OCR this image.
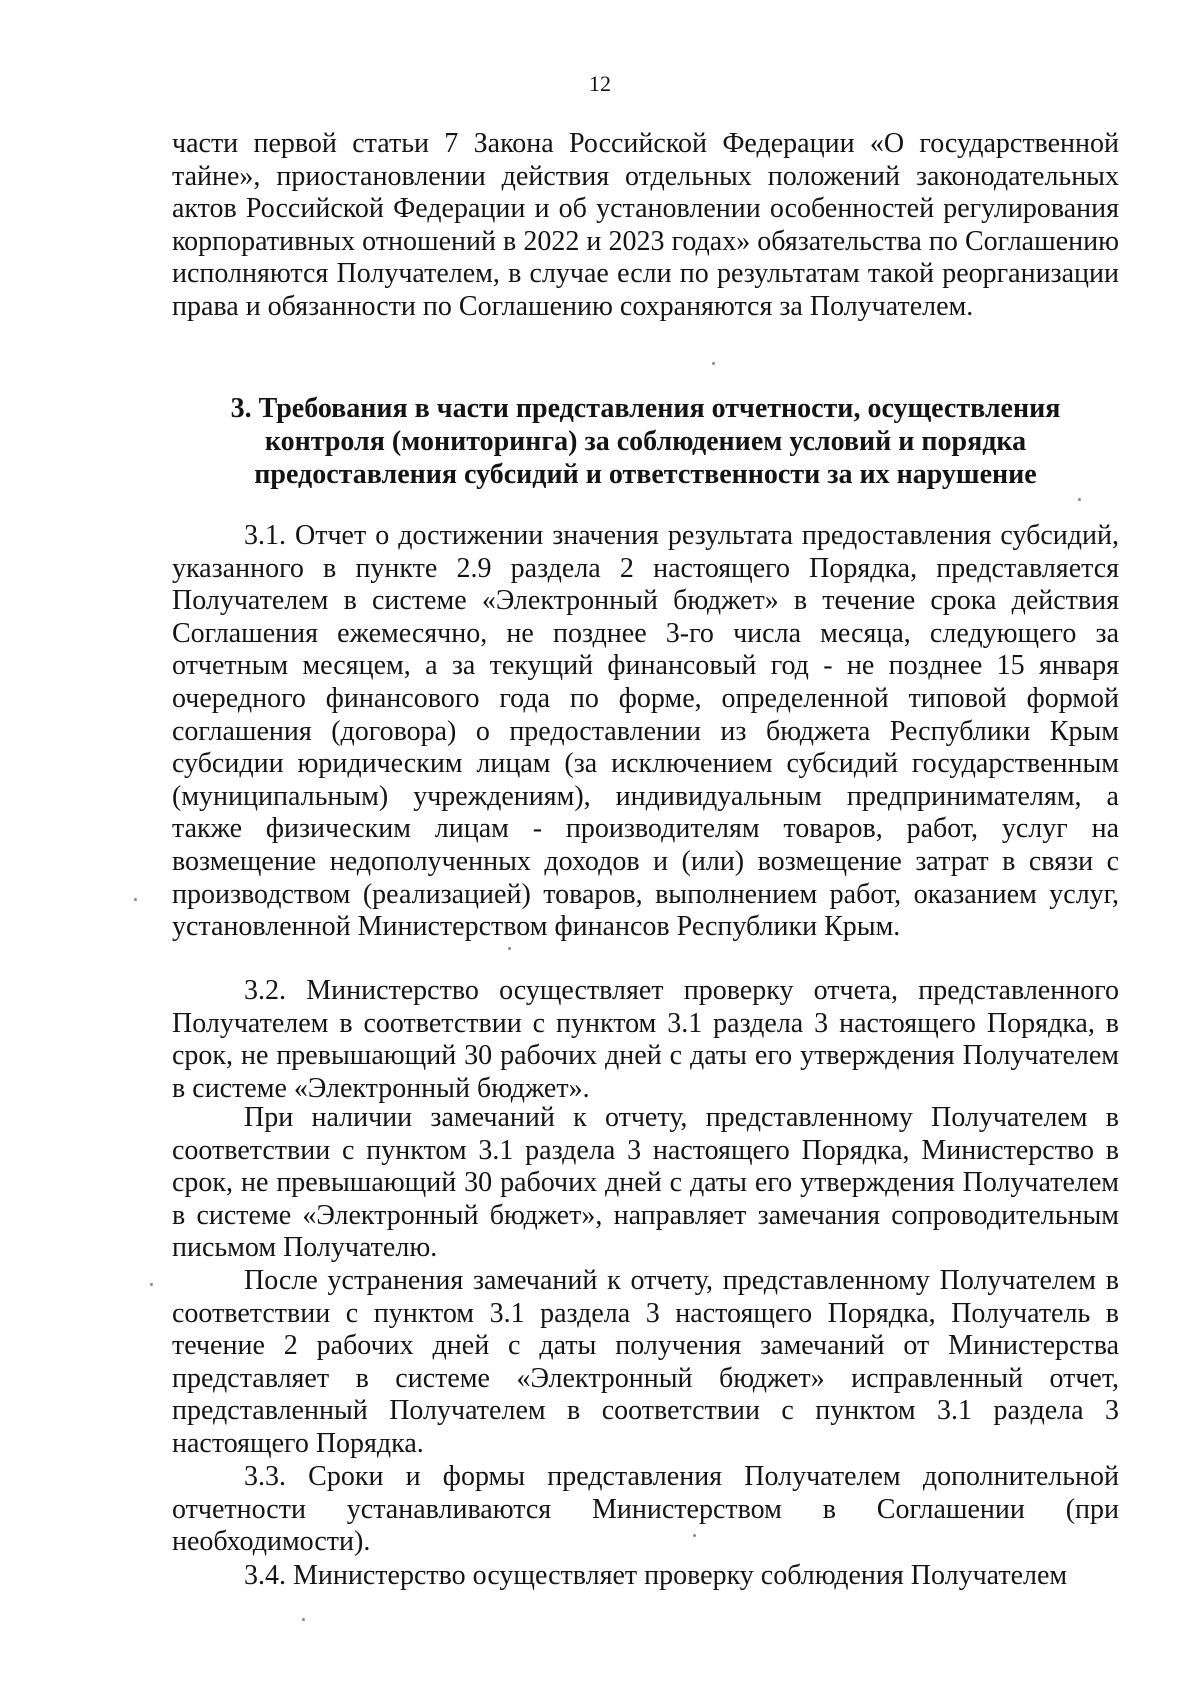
12

части первой статьи 7 Закона Российской Федерации «О государственной тайне», приостановлении действия отдельных положений законодательных актов Российской Федерации и об установлении особенностей регулирования корпоративных отношений в 2022 и 2023 годах» обязательства по Соглашению исполняются Получателем, в случае если по результатам такой реорганизации права и обязанности по Соглашению сохраняются за Получателем.

3. Требования в части представления отчетности, осуществления
контроля (мониторинга) за соблюдением условий и порядка
предоставления субсидий и ответственности за их нарушение

3.1. Отчет о достижении значения результата предоставления субсидий, указанного в пункте 2.9 раздела 2 настоящего Порядка, представляется Получателем в системе «Электронный бюджет» в течение срока действия Соглашения ежемесячно, не позднее 3-го числа месяца, следующего за отчетным месяцем, а за текущий финансовый год - не позднее 15 января очередного финансового года по форме, определенной типовой формой соглашения (договора) о предоставлении из бюджета Республики Крым субсидии юридическим лицам (за исключением субсидий государственным (муниципальным) учреждениям), индивидуальным предпринимателям, а также физическим лицам - производителям товаров, работ, услуг на возмещение недополученных доходов и (или) возмещение затрат в связи с производством (реализацией) товаров, выполнением работ, оказанием услуг, установленной Министерством финансов Республики Крым.

3.2. Министерство осуществляет проверку отчета, представленного Получателем в соответствии с пунктом 3.1 раздела 3 настоящего Порядка, в срок, не превышающий 30 рабочих дней с даты его утверждения Получателем в системе «Электронный бюджет».

При наличии замечаний к отчету, представленному Получателем в соответствии с пунктом 3.1 раздела 3 настоящего Порядка, Министерство в срок, не превышающий 30 рабочих дней с даты его утверждения Получателем в системе «Электронный бюджет», направляет замечания сопроводительным письмом Получателю.

После устранения замечаний к отчету, представленному Получателем в соответствии с пунктом 3.1 раздела 3 настоящего Порядка, Получатель в течение 2 рабочих дней с даты получения замечаний от Министерства представляет в системе «Электронный бюджет» исправленный отчет, представленный Получателем в соответствии с пунктом 3.1 раздела 3 настоящего Порядка.

3.3. Сроки и формы представления Получателем дополнительной отчетности устанавливаются Министерством в Соглашении (при необходимости).

3.4. Министерство осуществляет проверку соблюдения Получателем
